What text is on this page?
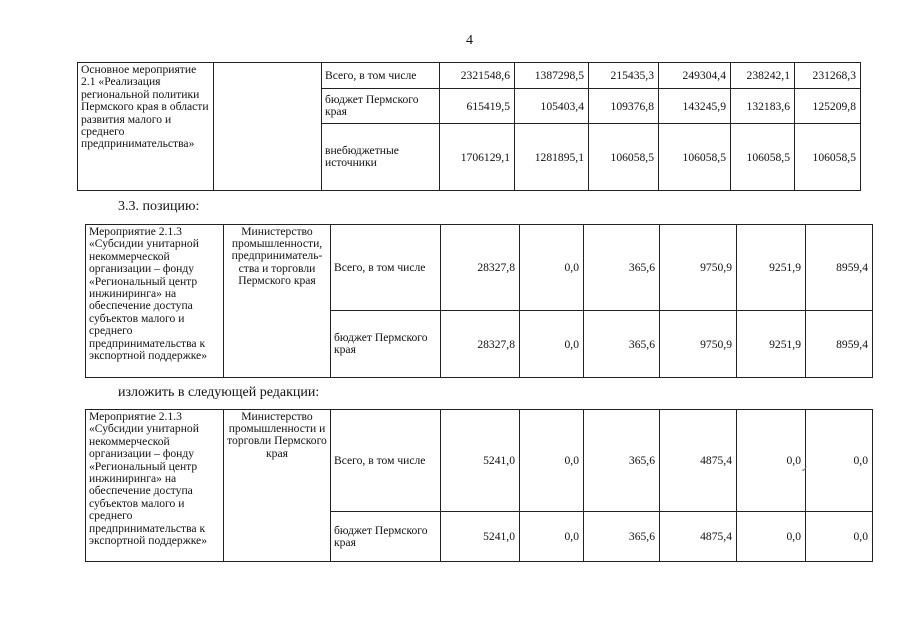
4
Основное мероприятие 2.1 «Реализация региональной политики Пермского края в области развития малого и среднего предпринимательства»		Всего, в том числе	2321548,6	1387298,5	215435,3	249304,4	238242,1	231268,3
		бюджет Пермского края	615419,5	105403,4	109376,8	143245,9	132183,6	125209,8
		внебюджетные источники	1706129,1	1281895,1	106058,5	106058,5	106058,5	106058,5
3.3. позицию:
Мероприятие 2.1.3 «Субсидии унитарной некоммерческой организации – фонду «Региональный центр инжиниринга» на обеспечение доступа субъектов малого и среднего предпринимательства к экспортной поддержке»	Министерство промышленности, предприниматель-ства и торговли Пермского края	Всего, в том числе	28327,8	0,0	365,6	9750,9	9251,9	8959,4
		бюджет Пермского края	28327,8	0,0	365,6	9750,9	9251,9	8959,4
изложить в следующей редакции:
Мероприятие 2.1.3 «Субсидии унитарной некоммерческой организации – фонду «Региональный центр инжиниринга» на обеспечение доступа субъектов малого и среднего предпринимательства к экспортной поддержке»	Министерство промышленности и торговли Пермского края	Всего, в том числе	5241,0	0,0	365,6	4875,4	0,0	0,0
		бюджет Пермского края	5241,0	0,0	365,6	4875,4	0,0	0,0
✓
